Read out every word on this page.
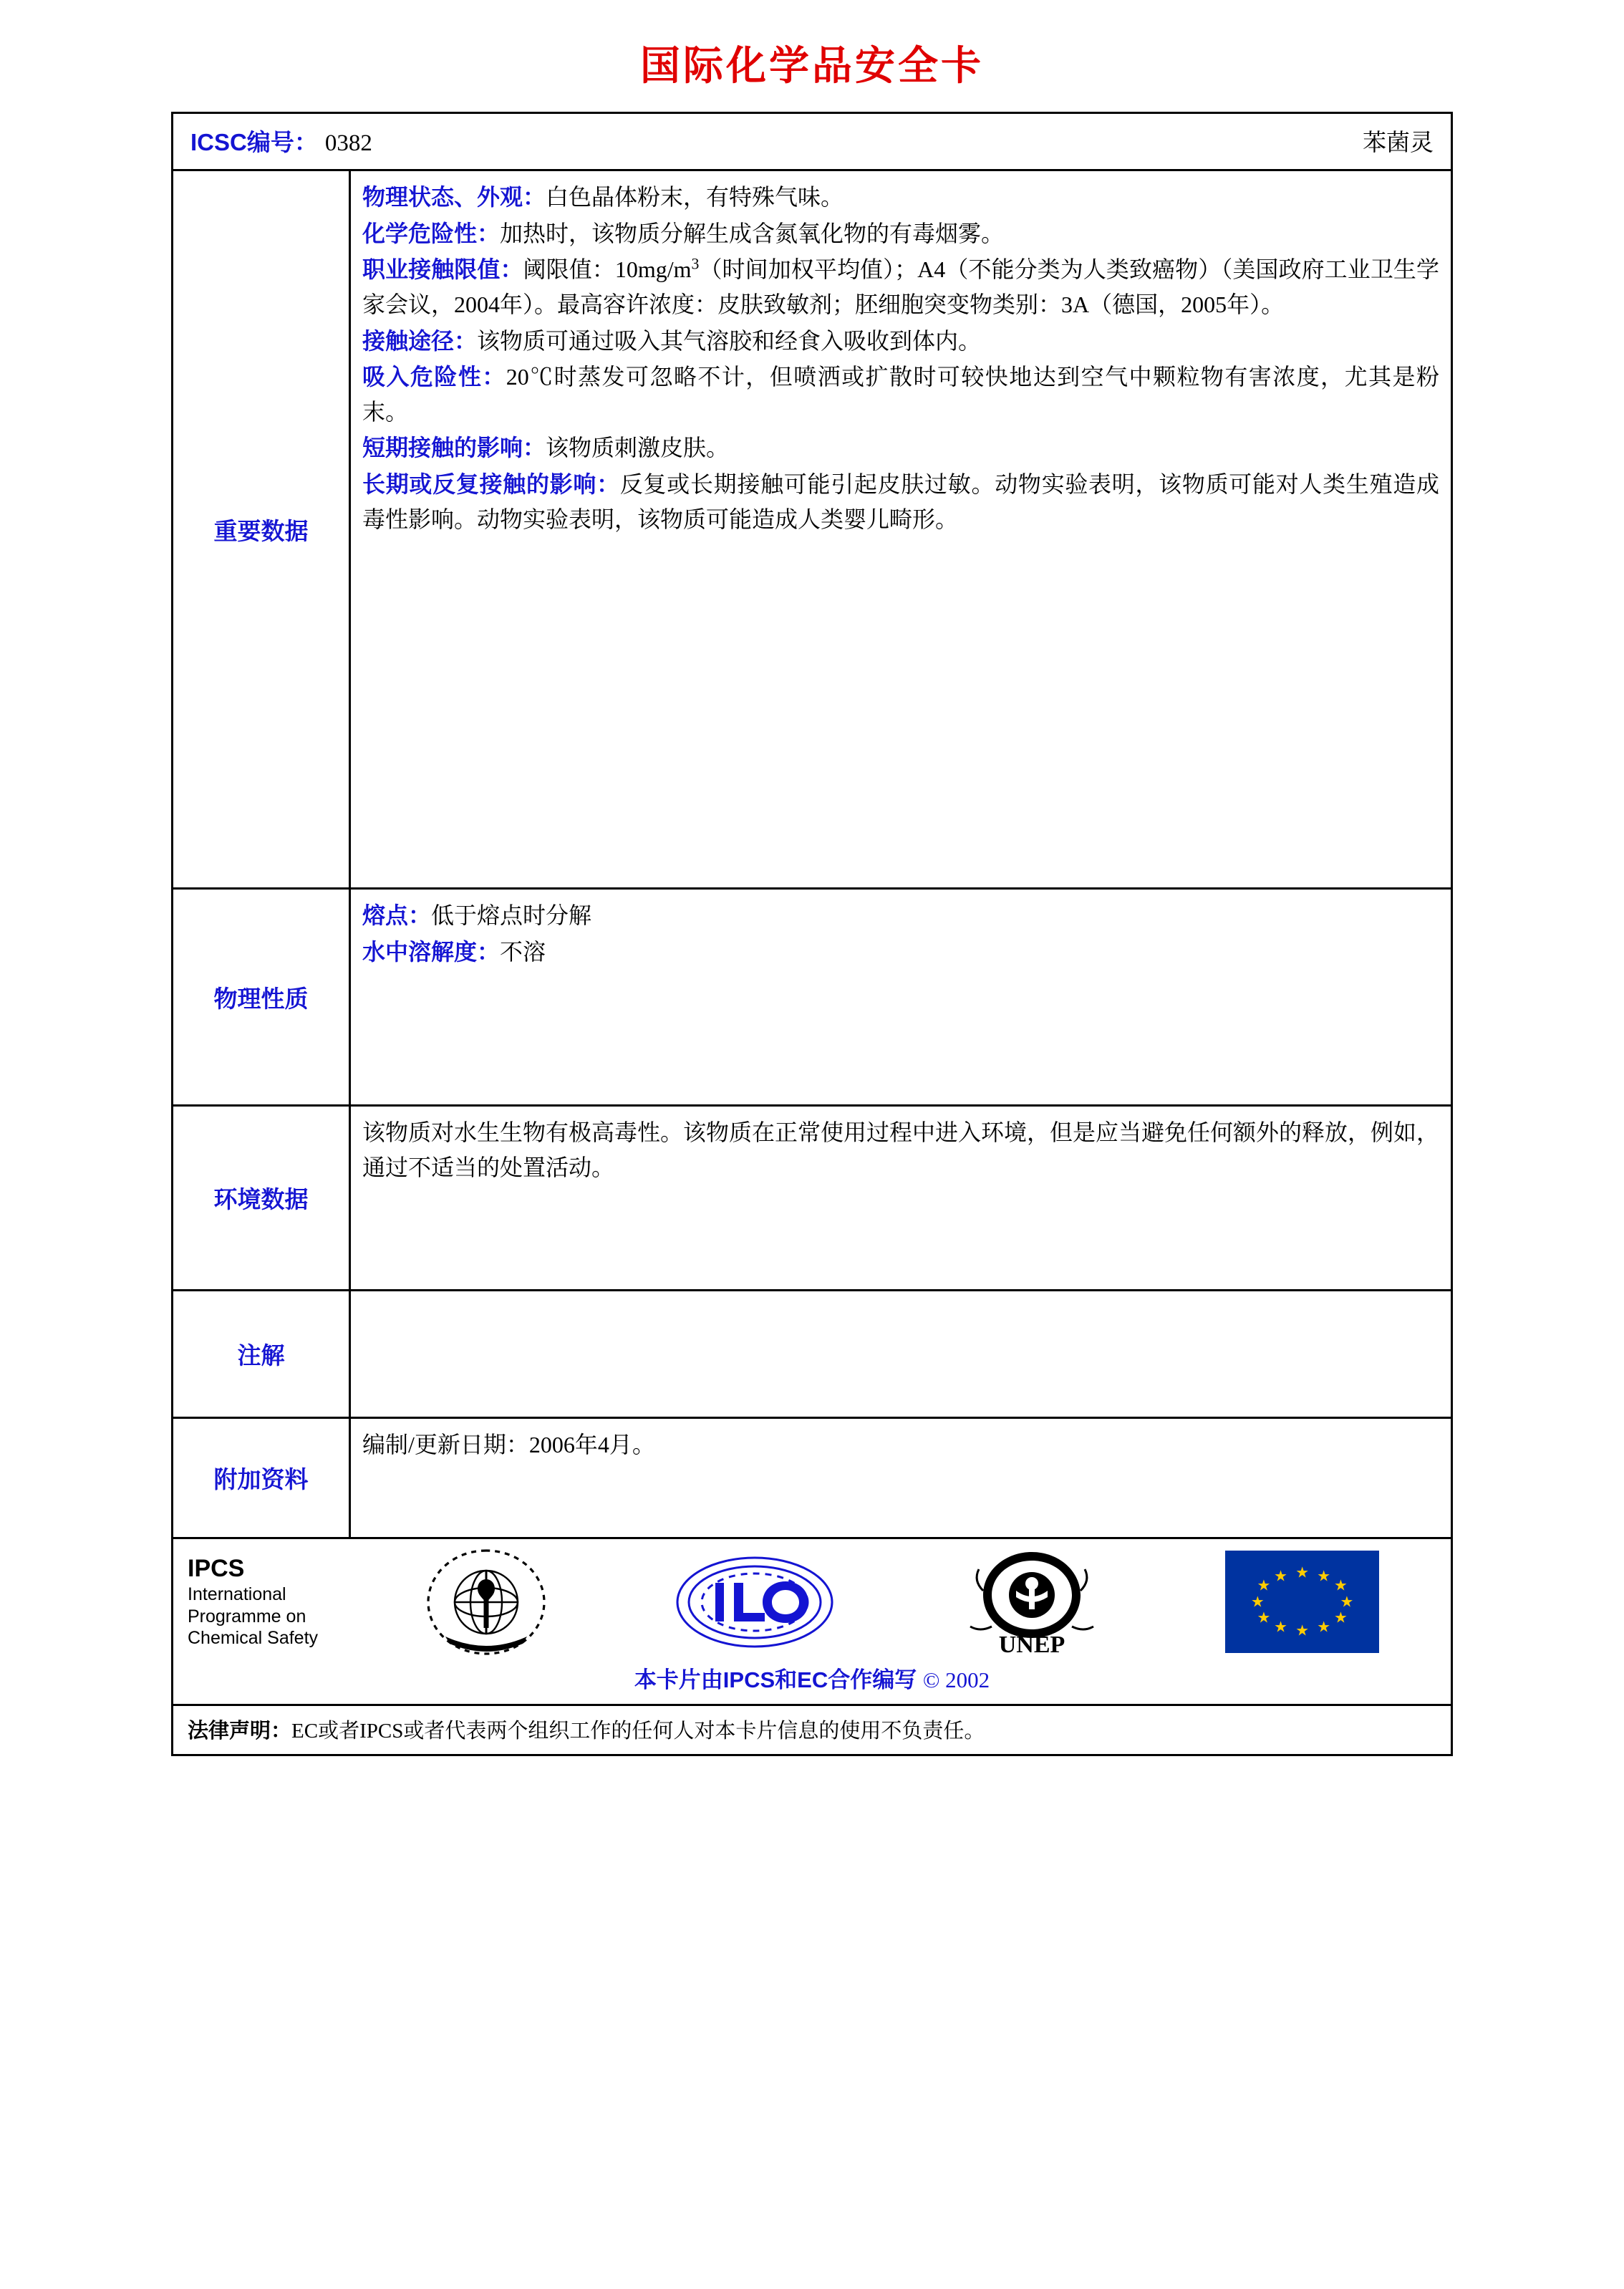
国际化学品安全卡
ICSC编号： 0382	苯菌灵
重要数据

物理状态、外观：白色晶体粉末，有特殊气味。

化学危险性：加热时，该物质分解生成含氮氧化物的有毒烟雾。

职业接触限值：阈限值：$10mg/m^3$（时间加权平均值）；A4（不能分类为人类致癌物）（美国政府工业卫生学家会议，2004年）。最高容许浓度：皮肤致敏剂；胚细胞突变物类别：3A（德国，2005年）。

接触途径：该物质可通过吸入其气溶胶和经食入吸收到体内。

吸入危险性：20℃时蒸发可忽略不计，但喷洒或扩散时可较快地达到空气中颗粒物有害浓度，尤其是粉末。

短期接触的影响：该物质刺激皮肤。

长期或反复接触的影响：反复或长期接触可能引起皮肤过敏。动物实验表明，该物质可能对人类生殖造成毒性影响。动物实验表明，该物质可能造成人类婴儿畸形。

物理性质

熔点：低于熔点时分解

水中溶解度：不溶

环境数据
该物质对水生生物有极高毒性。该物质在正常使用过程中进入环境，但是应当避免任何额外的释放，例如，通过不适当的处置活动。
注解
附加资料
编制/更新日期：2006年4月。
IPCS
International
Programme on
Chemical Safety	UNEP
★ ★
★
★
★
★
★
★
★
★
★
★
本卡片由IPCS和EC合作编写 © 2002
法律声明：EC或者IPCS或者代表两个组织工作的任何人对本卡片信息的使用不负责任。
